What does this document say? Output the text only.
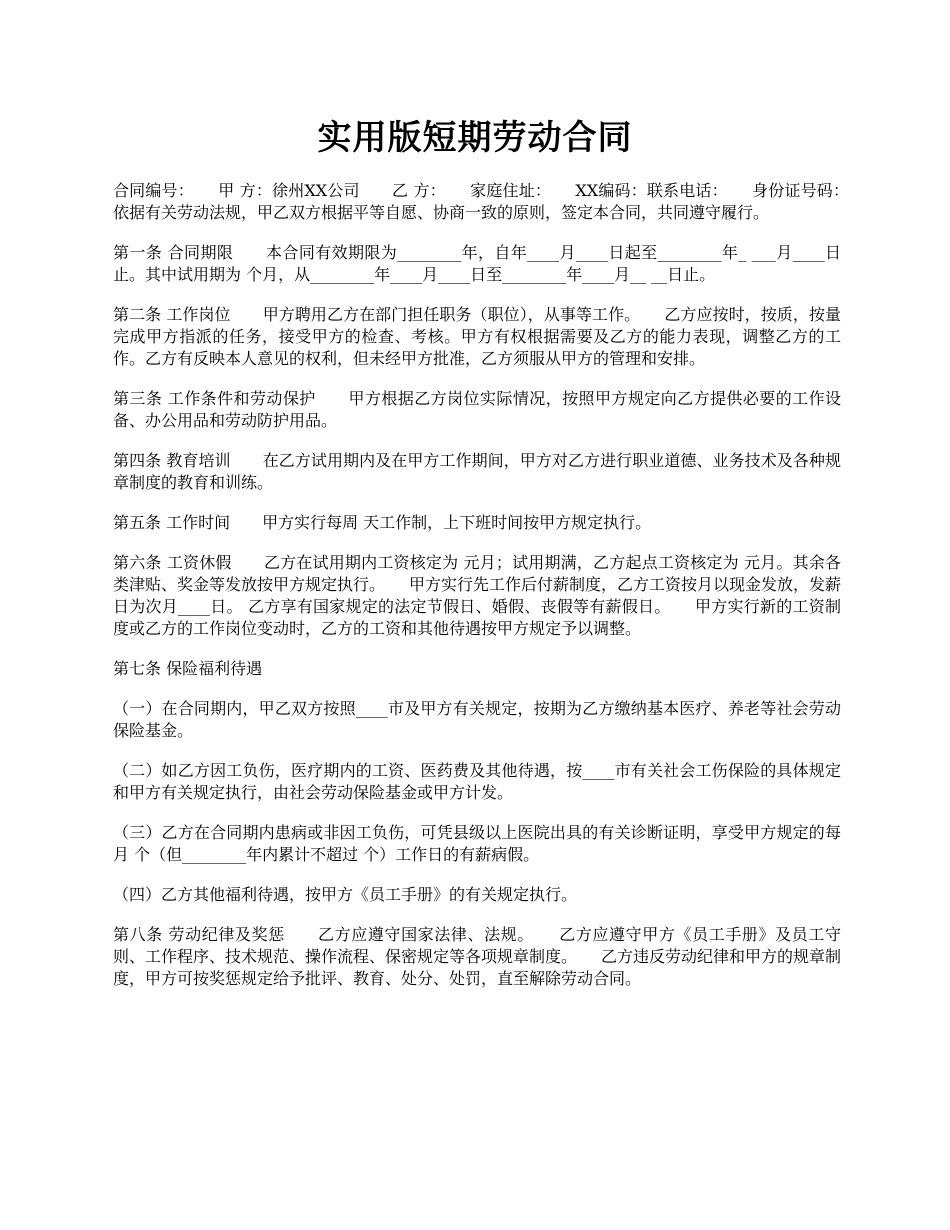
实用版短期劳动合同

合同编号：　　甲 方：徐州XX公司　　乙 方：　　家庭住址：　　XX编码：联系电话：　　身份证号码：　　依据有关劳动法规，甲乙双方根据平等自愿、协商一致的原则，签定本合同，共同遵守履行。

第一条 合同期限　　本合同有效期限为________年，自年____月____日起至________年_ ___月____日止。其中试用期为 个月，从________年____月____日至________年____月__ __日止。

第二条 工作岗位　　甲方聘用乙方在部门担任职务（职位），从事等工作。　　乙方应按时，按质，按量完成甲方指派的任务，接受甲方的检查、考核。甲方有权根据需要及乙方的能力表现，调整乙方的工作。乙方有反映本人意见的权利，但未经甲方批准，乙方须服从甲方的管理和安排。

第三条 工作条件和劳动保护　　甲方根据乙方岗位实际情况，按照甲方规定向乙方提供必要的工作设备、办公用品和劳动防护用品。

第四条 教育培训　　在乙方试用期内及在甲方工作期间，甲方对乙方进行职业道德、业务技术及各种规章制度的教育和训练。

第五条 工作时间　　甲方实行每周 天工作制，上下班时间按甲方规定执行。

第六条 工资休假　　乙方在试用期内工资核定为 元月；试用期满，乙方起点工资核定为 元月。其余各类津贴、奖金等发放按甲方规定执行。　　甲方实行先工作后付薪制度，乙方工资按月以现金发放，发薪日为次月____日。 乙方享有国家规定的法定节假日、婚假、丧假等有薪假日。　　甲方实行新的工资制度或乙方的工作岗位变动时，乙方的工资和其他待遇按甲方规定予以调整。

第七条 保险福利待遇

（一）在合同期内，甲乙双方按照____市及甲方有关规定，按期为乙方缴纳基本医疗、养老等社会劳动保险基金。

（二）如乙方因工负伤，医疗期内的工资、医药费及其他待遇，按____市有关社会工伤保险的具体规定和甲方有关规定执行，由社会劳动保险基金或甲方计发。

（三）乙方在合同期内患病或非因工负伤，可凭县级以上医院出具的有关诊断证明，享受甲方规定的每月 个（但________年内累计不超过 个）工作日的有薪病假。

（四）乙方其他福利待遇，按甲方《员工手册》的有关规定执行。

第八条 劳动纪律及奖惩　　乙方应遵守国家法律、法规。　　乙方应遵守甲方《员工手册》及员工守则、工作程序、技术规范、操作流程、保密规定等各项规章制度。　　乙方违反劳动纪律和甲方的规章制度，甲方可按奖惩规定给予批评、教育、处分、处罚，直至解除劳动合同。
